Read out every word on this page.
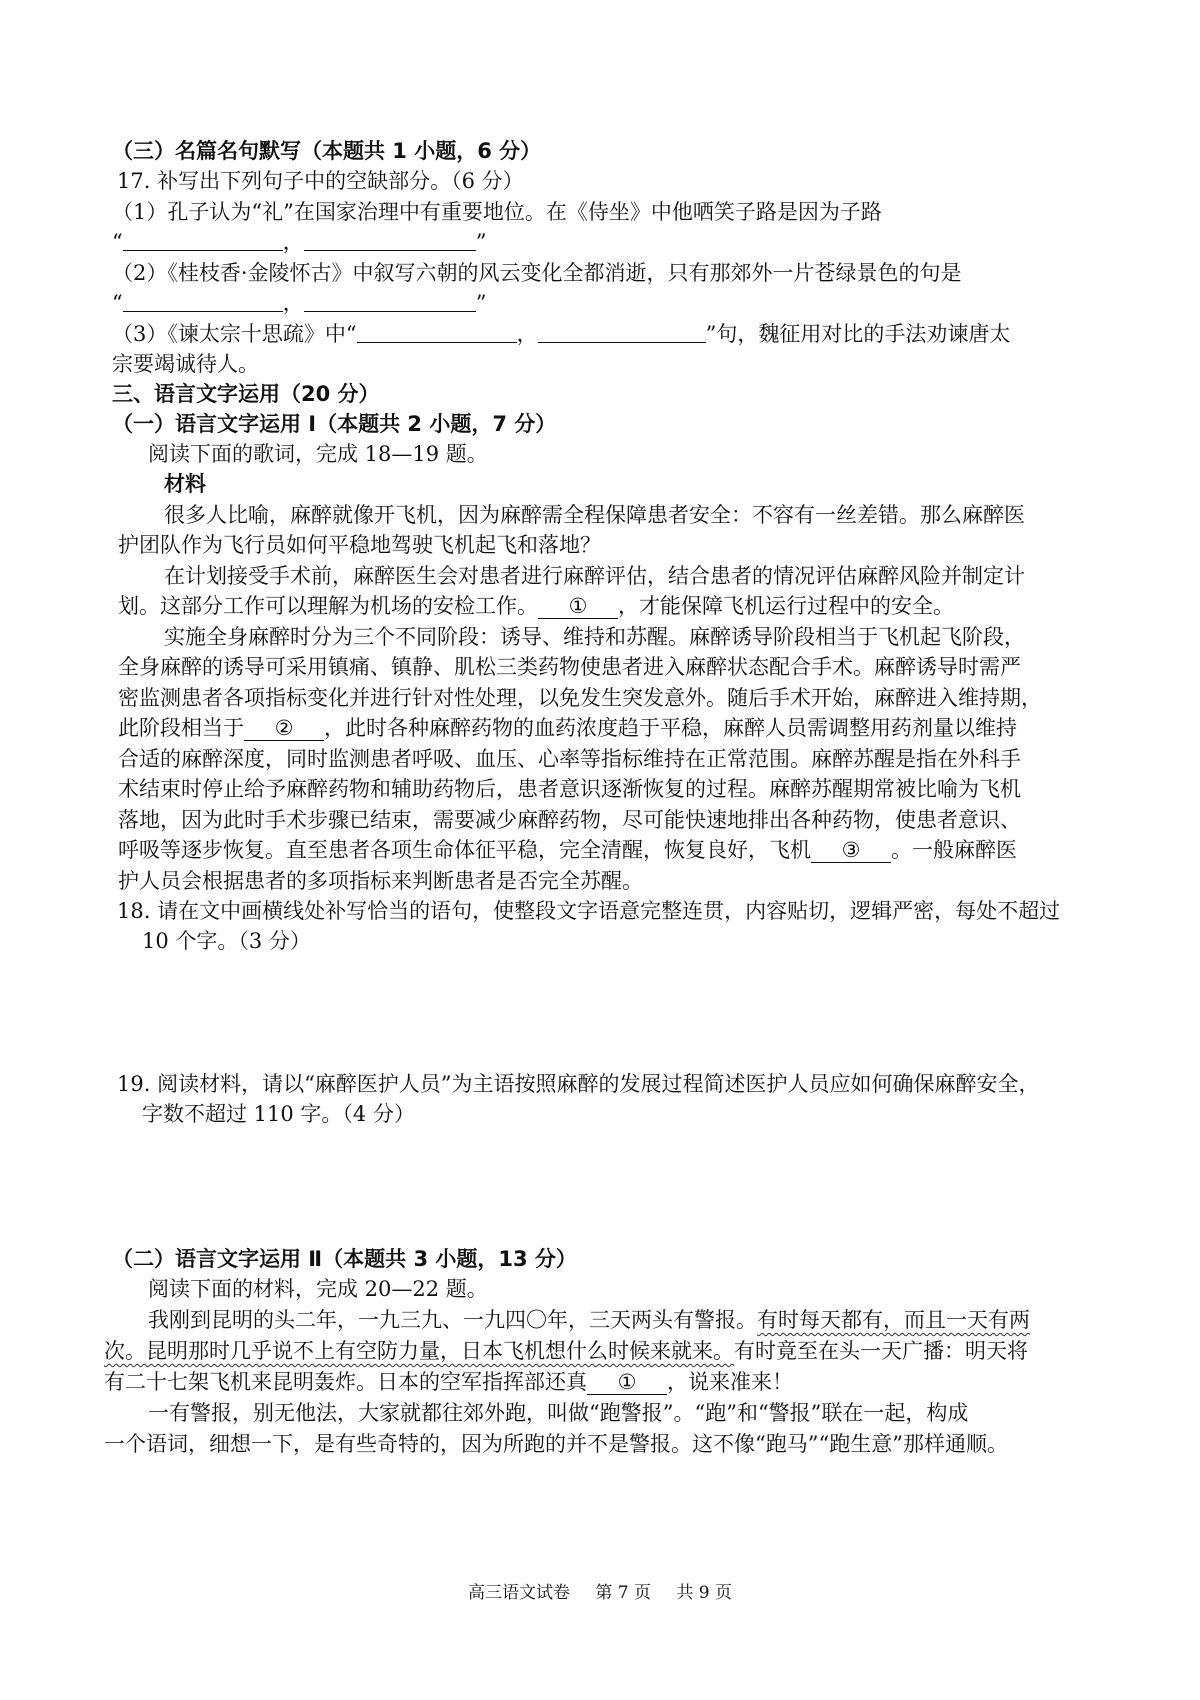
（三）名篇名句默写（本题共 1 小题，6 分）
17. 补写出下列句子中的空缺部分。（6 分）
（1）孔子认为“礼”在国家治理中有重要地位。在《侍坐》中他哂笑子路是因为子路
“	，	”
（2）《桂枝香·金陵怀古》中叙写六朝的风云变化全都消逝，只有那郊外一片苍绿景色的句是
“	，	”
（3）《谏太宗十思疏》中“	，	”句，魏征用对比的手法劝谏唐太
宗要竭诚待人。
三、语言文字运用（20 分）
（一）语言文字运用 Ⅰ（本题共 2 小题，7 分）
阅读下面的歌词，完成 18—19 题。
材料
很多人比喻，麻醉就像开飞机，因为麻醉需全程保障患者安全：不容有一丝差错。那么麻醉医
护团队作为飞行员如何平稳地驾驶飞机起飞和落地？
在计划接受手术前，麻醉医生会对患者进行麻醉评估，结合患者的情况评估麻醉风险并制定计
划。这部分工作可以理解为机场的安检工作。 ① ，才能保障飞机运行过程中的安全。
实施全身麻醉时分为三个不同阶段：诱导、维持和苏醒。麻醉诱导阶段相当于飞机起飞阶段，
全身麻醉的诱导可采用镇痛、镇静、肌松三类药物使患者进入麻醉状态配合手术。麻醉诱导时需严
密监测患者各项指标变化并进行针对性处理，以免发生突发意外。随后手术开始，麻醉进入维持期，
此阶段相当于 ② ，此时各种麻醉药物的血药浓度趋于平稳，麻醉人员需调整用药剂量以维持
合适的麻醉深度，同时监测患者呼吸、血压、心率等指标维持在正常范围。麻醉苏醒是指在外科手
术结束时停止给予麻醉药物和辅助药物后，患者意识逐渐恢复的过程。麻醉苏醒期常被比喻为飞机
落地，因为此时手术步骤已结束，需要减少麻醉药物，尽可能快速地排出各种药物，使患者意识、
呼吸等逐步恢复。直至患者各项生命体征平稳，完全清醒，恢复良好，飞机 ③ 。一般麻醉医
护人员会根据患者的多项指标来判断患者是否完全苏醒。
18. 请在文中画横线处补写恰当的语句，使整段文字语意完整连贯，内容贴切，逻辑严密，每处不超过
10 个字。（3 分）
19. 阅读材料，请以“麻醉医护人员”为主语按照麻醉的发展过程简述医护人员应如何确保麻醉安全，
字数不超过 110 字。（4 分）
（二）语言文字运用 Ⅱ（本题共 3 小题，13 分）
阅读下面的材料，完成 20—22 题。
我刚到昆明的头二年，一九三九、一九四〇年，三天两头有警报。有时每天都有，而且一天有两
次。昆明那时几乎说不上有空防力量，日本飞机想什么时候来就来。有时竟至在头一天广播：明天将
有二十七架飞机来昆明轰炸。日本的空军指挥部还真 ① ，说来准来！
一有警报，别无他法，大家就都往郊外跑，叫做“跑警报”。“跑”和“警报”联在一起，构成
一个语词，细想一下，是有些奇特的，因为所跑的并不是警报。这不像“跑马”“跑生意”那样通顺。
高三语文试卷 第 7 页 共 9 页
